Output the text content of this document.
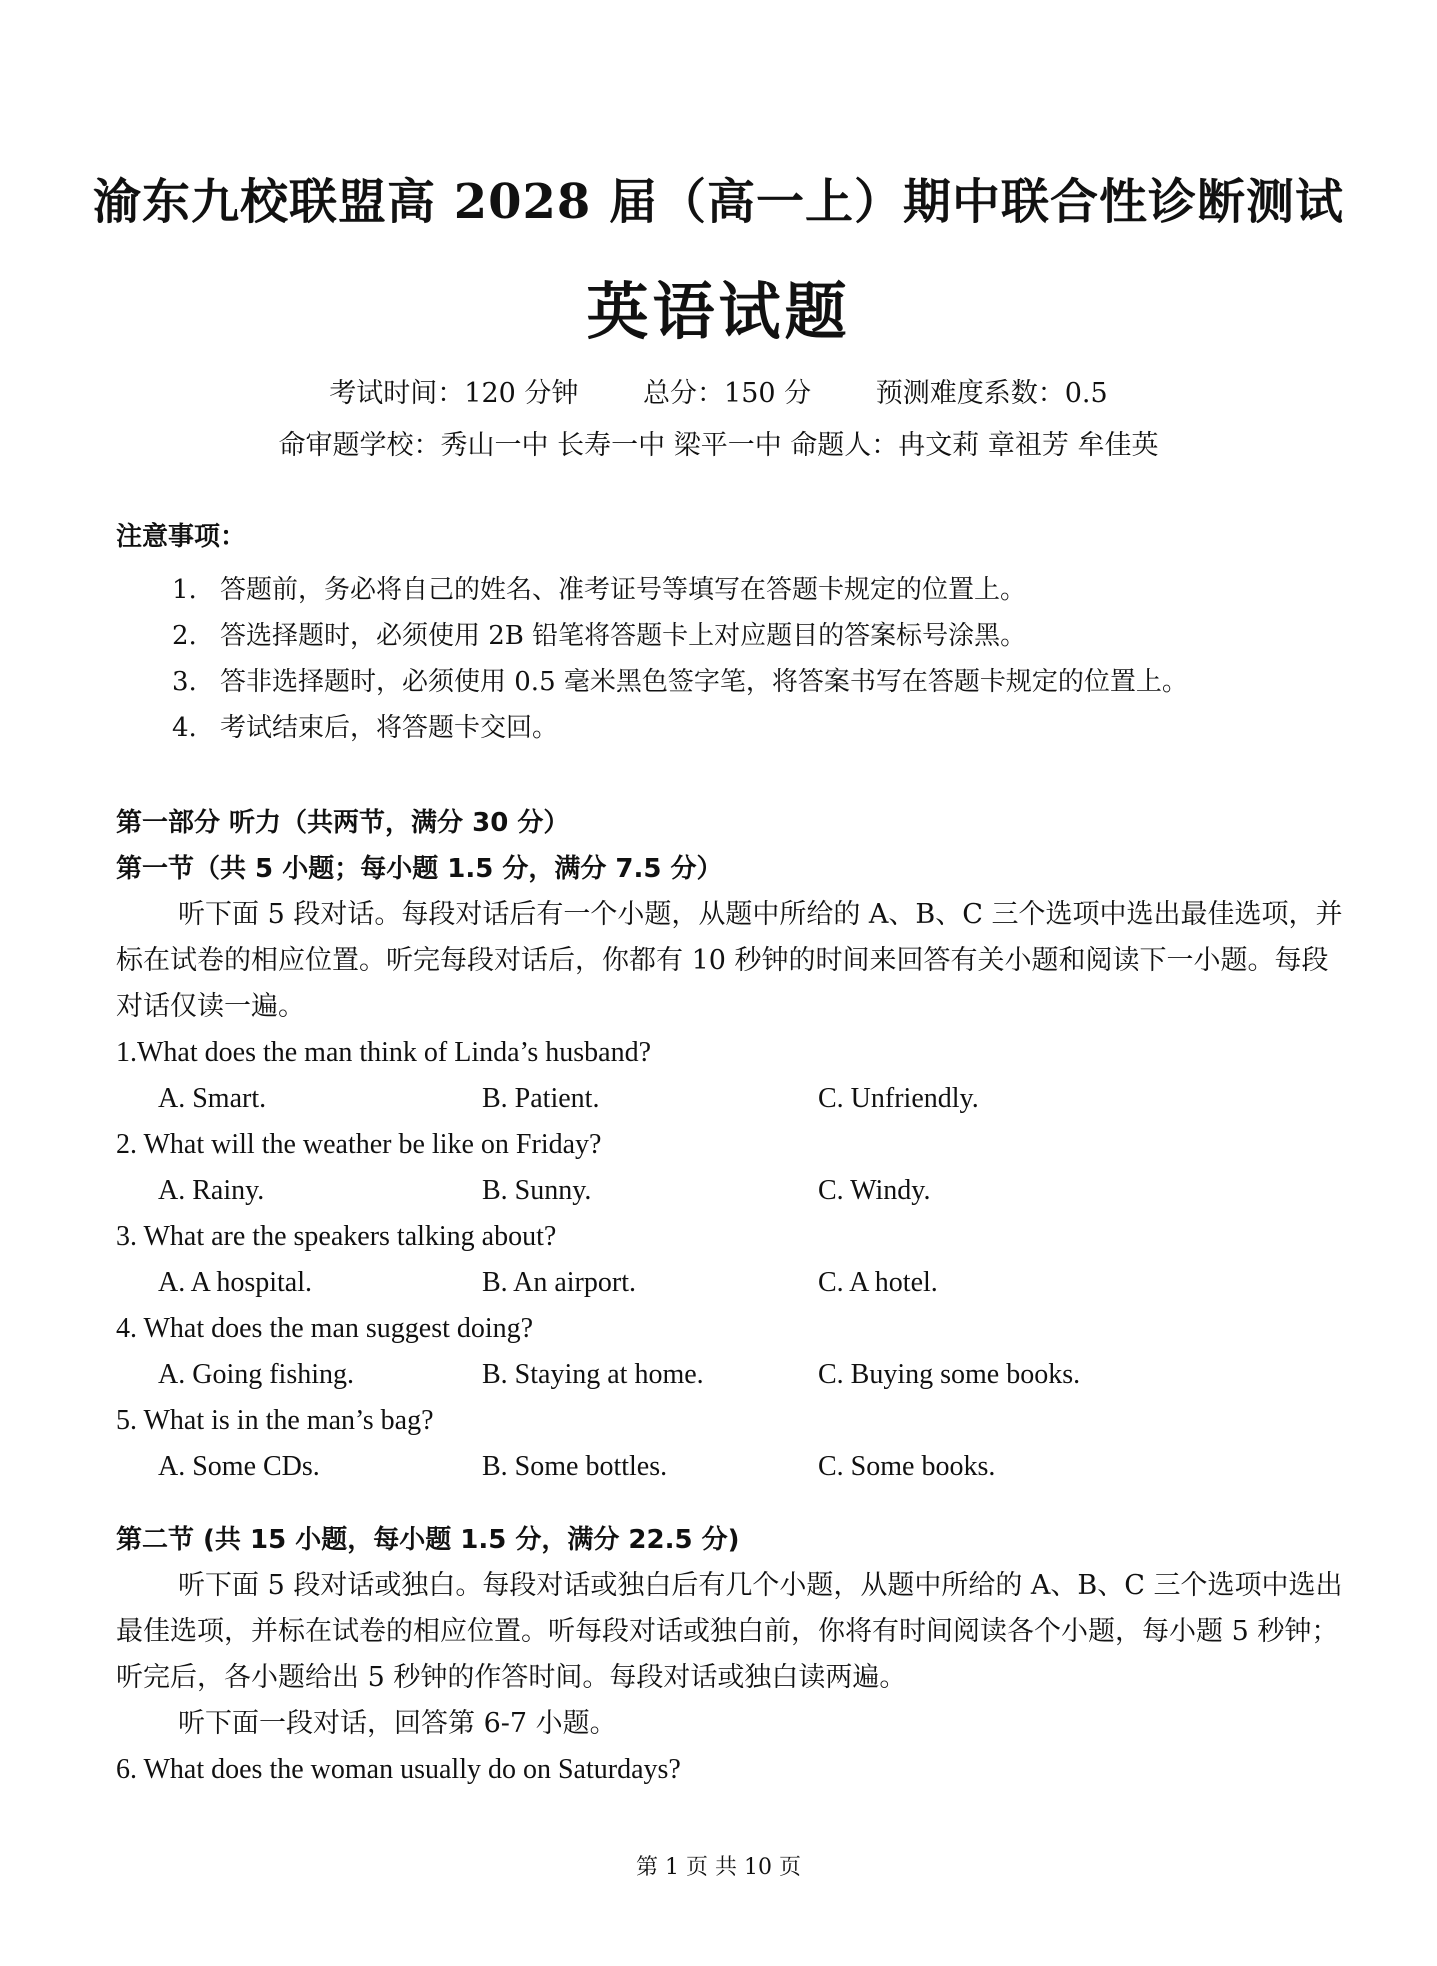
渝东九校联盟高 2028 届（高一上）期中联合性诊断测试
英语试题
考试时间：120 分钟 总分：150 分 预测难度系数：0.5
命审题学校：秀山一中 长寿一中 梁平一中 命题人：冉文莉 章祖芳 牟佳英
注意事项：
1. 答题前，务必将自己的姓名、准考证号等填写在答题卡规定的位置上。
2. 答选择题时，必须使用 2B 铅笔将答题卡上对应题目的答案标号涂黑。
3. 答非选择题时，必须使用 0.5 毫米黑色签字笔，将答案书写在答题卡规定的位置上。
4. 考试结束后，将答题卡交回。
第一部分 听力（共两节，满分 30 分）
第一节（共 5 小题；每小题 1.5 分，满分 7.5 分）
听下面 5 段对话。每段对话后有一个小题，从题中所给的 A、B、C 三个选项中选出最佳选项，并标在试卷的相应位置。听完每段对话后，你都有 10 秒钟的时间来回答有关小题和阅读下一小题。每段对话仅读一遍。
1.What does the man think of Linda’s husband?
A. Smart.	B. Patient.	C. Unfriendly.
2. What will the weather be like on Friday?
A. Rainy.	B. Sunny.	C. Windy.
3. What are the speakers talking about?
A. A hospital.	B. An airport.	C. A hotel.
4. What does the man suggest doing?
A. Going fishing.	B. Staying at home.	C. Buying some books.
5. What is in the man’s bag?
A. Some CDs.	B. Some bottles.	C. Some books.
第二节 (共 15 小题，每小题 1.5 分，满分 22.5 分)
听下面 5 段对话或独白。每段对话或独白后有几个小题，从题中所给的 A、B、C 三个选项中选出最佳选项，并标在试卷的相应位置。听每段对话或独白前，你将有时间阅读各个小题，每小题 5 秒钟；听完后，各小题给出 5 秒钟的作答时间。每段对话或独白读两遍。
听下面一段对话，回答第 6-7 小题。
6. What does the woman usually do on Saturdays?
第 1 页 共 10 页
